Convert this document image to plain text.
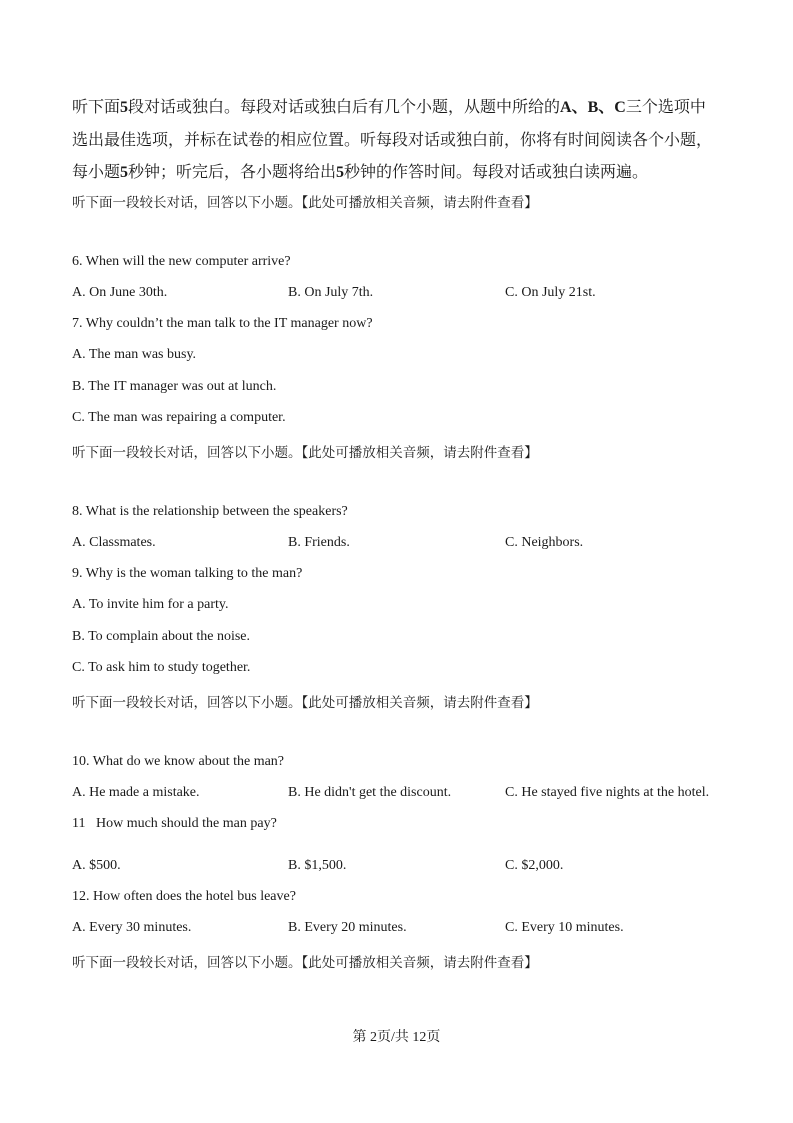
听下面5段对话或独白。每段对话或独白后有几个小题，从题中所给的A、B、C三个选项中
选出最佳选项，并标在试卷的相应位置。听每段对话或独白前，你将有时间阅读各个小题，
每小题5秒钟；听完后，各小题将给出5秒钟的作答时间。每段对话或独白读两遍。
听下面一段较长对话，回答以下小题。【此处可播放相关音频，请去附件查看】
6. When will the new computer arrive?
A. On June 30th.	B. On July 7th.	C. On July 21st.
7. Why couldn’t the man talk to the IT manager now?
A. The man was busy.
B. The IT manager was out at lunch.
C. The man was repairing a computer.
听下面一段较长对话，回答以下小题。【此处可播放相关音频，请去附件查看】
8. What is the relationship between the speakers?
A. Classmates.	B. Friends.	C. Neighbors.
9. Why is the woman talking to the man?
A. To invite him for a party.
B. To complain about the noise.
C. To ask him to study together.
听下面一段较长对话，回答以下小题。【此处可播放相关音频，请去附件查看】
10. What do we know about the man?
A. He made a mistake.	B. He didn't get the discount.	C. He stayed five nights at the hotel.
11   How much should the man pay?
A. $500.	B. $1,500.	C. $2,000.
12. How often does the hotel bus leave?
A. Every 30 minutes.	B. Every 20 minutes.	C. Every 10 minutes.
听下面一段较长对话，回答以下小题。【此处可播放相关音频，请去附件查看】
第 2页/共 12页
